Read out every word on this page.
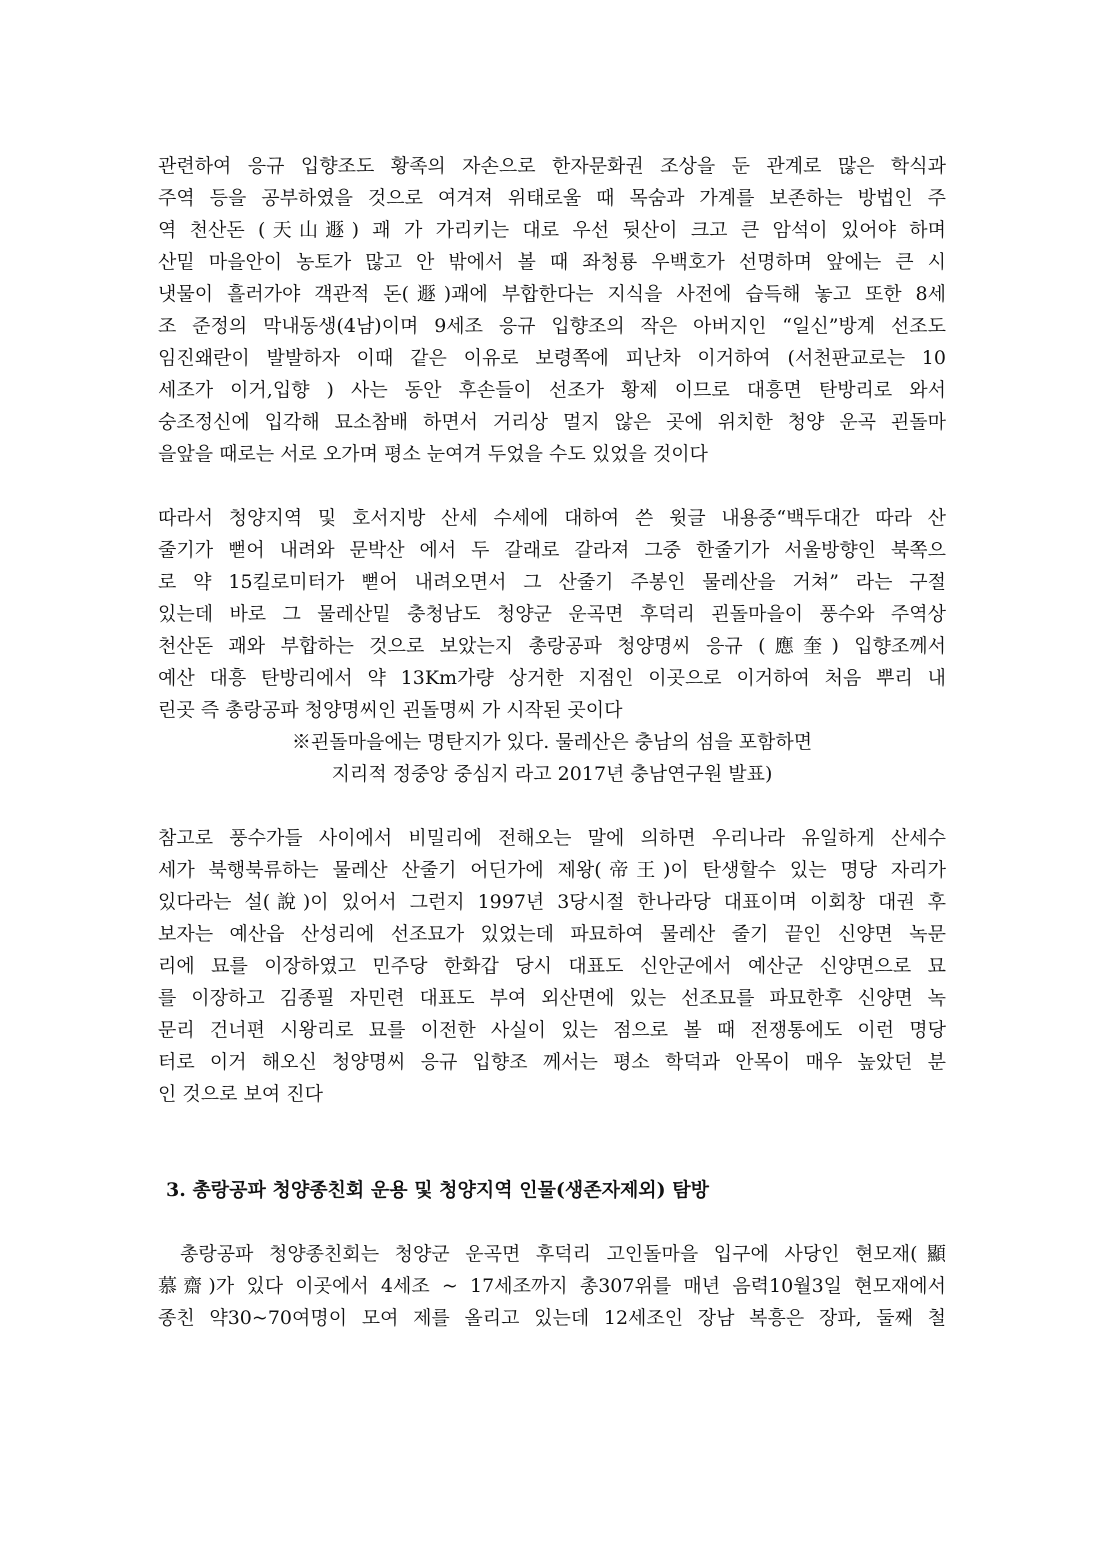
관련하여 응규 입향조도 황족의 자손으로 한자문화권 조상을 둔 관계로 많은 학식과
주역 등을 공부하였을 것으로 여겨져 위태로울 때 목숨과 가계를 보존하는 방법인 주
역 천산돈 (天山遯) 괘 가 가리키는 대로 우선 뒷산이 크고 큰 암석이 있어야 하며
산밑 마을안이 농토가 많고 안 밖에서 볼 때 좌청룡 우백호가 선명하며 앞에는 큰 시
냇물이 흘러가야 객관적 돈(遯)괘에 부합한다는 지식을 사전에 습득해 놓고 또한 8세
조 준정의 막내동생(4남)이며 9세조 응규 입향조의 작은 아버지인 “일신”방계 선조도
임진왜란이 발발하자 이때 같은 이유로 보령쪽에 피난차 이거하여 (서천판교로는 10
세조가 이거,입향 ) 사는 동안 후손들이 선조가 황제 이므로 대흥면 탄방리로 와서
숭조정신에 입각해 묘소참배 하면서 거리상 멀지 않은 곳에 위치한 청양 운곡 괸돌마
을앞을 때로는 서로 오가며 평소 눈여겨 두었을 수도 있었을 것이다
따라서 청양지역 및 호서지방 산세 수세에 대하여 쓴 윗글 내용중“백두대간 따라 산
줄기가 뻗어 내려와 문박산 에서 두 갈래로 갈라져 그중 한줄기가 서울방향인 북쪽으
로 약 15킬로미터가 뻗어 내려오면서 그 산줄기 주봉인 물레산을 거쳐” 라는 구절
있는데 바로 그 물레산밑 충청남도 청양군 운곡면 후덕리 괸돌마을이 풍수와 주역상
천산돈 괘와 부합하는 것으로 보았는지 총랑공파 청양명씨 응규 (應奎) 입향조께서
예산 대흥 탄방리에서 약 13Km가량 상거한 지점인 이곳으로 이거하여 처음 뿌리 내
린곳 즉 총랑공파 청양명씨인 괸돌명씨 가 시작된 곳이다
※괸돌마을에는 명탄지가 있다. 물레산은 충남의 섬을 포함하면
지리적 정중앙 중심지 라고 2017년 충남연구원 발표)
참고로 풍수가들 사이에서 비밀리에 전해오는 말에 의하면 우리나라 유일하게 산세수
세가 북행북류하는 물레산 산줄기 어딘가에 제왕(帝王)이 탄생할수 있는 명당 자리가
있다라는 설(說)이 있어서 그런지 1997년 3당시절 한나라당 대표이며 이회창 대권 후
보자는 예산읍 산성리에 선조묘가 있었는데 파묘하여 물레산 줄기 끝인 신양면 녹문
리에 묘를 이장하였고 민주당 한화갑 당시 대표도 신안군에서 예산군 신양면으로 묘
를 이장하고 김종필 자민련 대표도 부여 외산면에 있는 선조묘를 파묘한후 신양면 녹
문리 건너편 시왕리로 묘를 이전한 사실이 있는 점으로 볼 때 전쟁통에도 이런 명당
터로 이거 해오신 청양명씨 응규 입향조 께서는 평소 학덕과 안목이 매우 높았던 분
인 것으로 보여 진다
3. 총랑공파 청양종친회 운용 및 청양지역 인물(생존자제외) 탐방
총랑공파 청양종친회는 청양군 운곡면 후덕리 고인돌마을 입구에 사당인 현모재(顯
慕齋)가 있다 이곳에서 4세조 ~ 17세조까지 총307위를 매년 음력10월3일 현모재에서
종친 약30~70여명이 모여 제를 올리고 있는데 12세조인 장남 복흥은 장파, 둘째 철
